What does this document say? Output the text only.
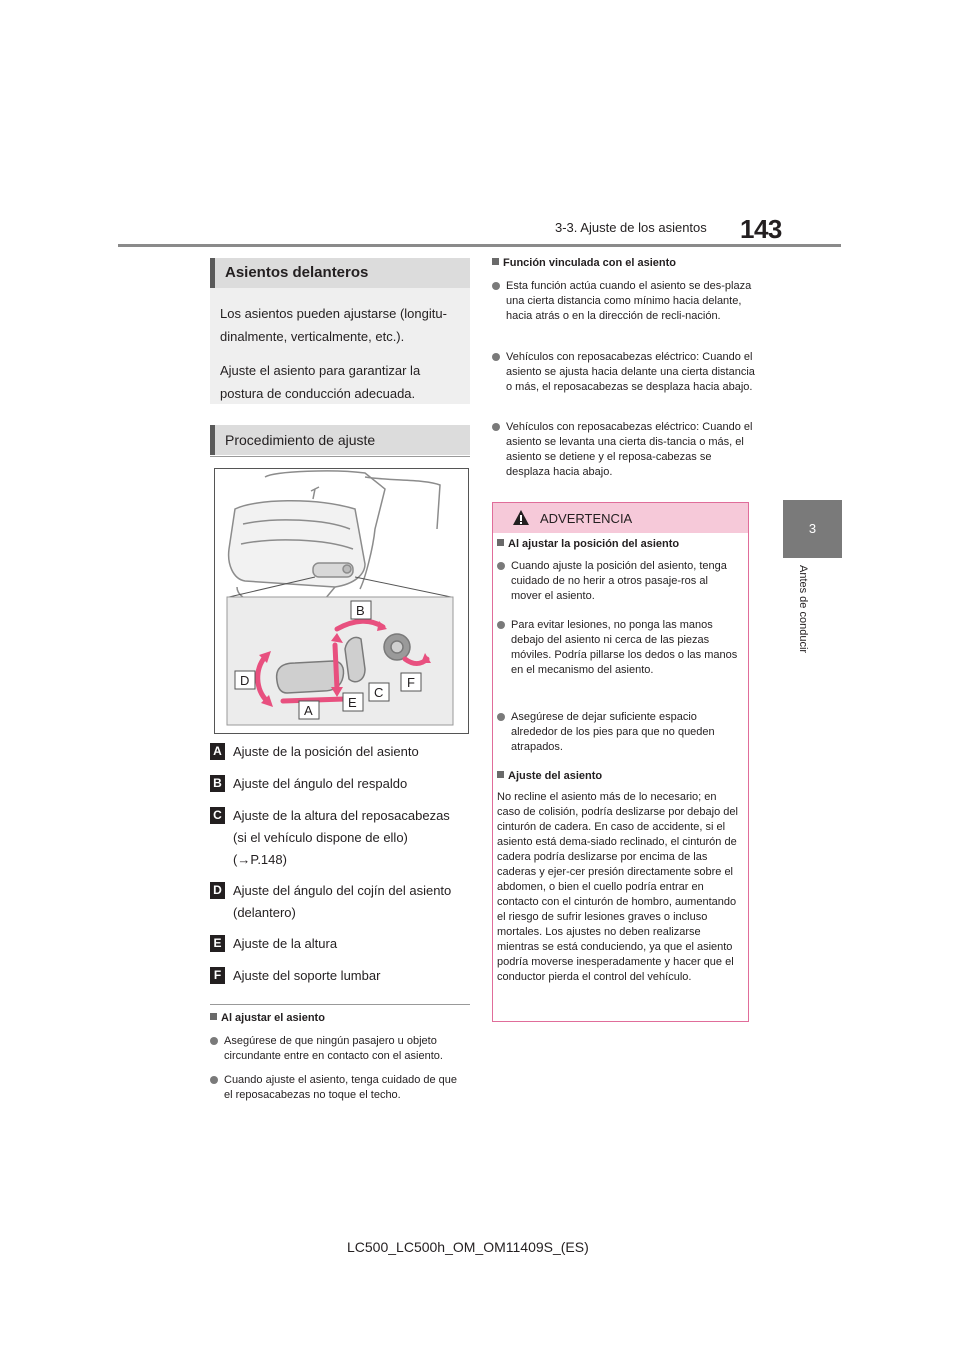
3-3. Ajuste de los asientos 143
3
Antes de conducir
Asientos delanteros

Los asientos pueden ajustarse (longitu-dinalmente, verticalmente, etc.).

Ajuste el asiento para garantizar la postura de conducción adecuada.

Procedimiento de ajuste
B
D
A
E
C
F
A Ajuste de la posición del asiento
B Ajuste del ángulo del respaldo
C Ajuste de la altura del reposacabezas (si el vehículo dispone de ello) (→P.148)
D Ajuste del ángulo del cojín del asiento (delantero)
E Ajuste de la altura
F Ajuste del soporte lumbar
Al ajustar el asiento
Asegúrese de que ningún pasajero u objeto circundante entre en contacto con el asiento.
Cuando ajuste el asiento, tenga cuidado de que el reposacabezas no toque el techo.
Función vinculada con el asiento
Esta función actúa cuando el asiento se des-plaza una cierta distancia como mínimo hacia delante, hacia atrás o en la dirección de recli-nación.
Vehículos con reposacabezas eléctrico: Cuando el asiento se ajusta hacia delante una cierta distancia o más, el reposacabezas se desplaza hacia abajo.
Vehículos con reposacabezas eléctrico: Cuando el asiento se levanta una cierta dis-tancia o más, el asiento se detiene y el reposa-cabezas se desplaza hacia abajo.
ADVERTENCIA
Al ajustar la posición del asiento
Cuando ajuste la posición del asiento, tenga cuidado de no herir a otros pasaje-ros al mover el asiento.
Para evitar lesiones, no ponga las manos debajo del asiento ni cerca de las piezas móviles. Podría pillarse los dedos o las manos en el mecanismo del asiento.
Asegúrese de dejar suficiente espacio alrededor de los pies para que no queden atrapados.
Ajuste del asiento
No recline el asiento más de lo necesario; en caso de colisión, podría deslizarse por debajo del cinturón de cadera. En caso de accidente, si el asiento está dema-siado reclinado, el cinturón de cadera podría deslizarse por encima de las caderas y ejer-cer presión directamente sobre el abdomen, o bien el cuello podría entrar en contacto con el cinturón de hombro, aumentando el riesgo de sufrir lesiones graves o incluso mortales. Los ajustes no deben realizarse mientras se está conduciendo, ya que el asiento podría moverse inesperadamente y hacer que el conductor pierda el control del vehículo.
LC500_LC500h_OM_OM11409S_(ES)
